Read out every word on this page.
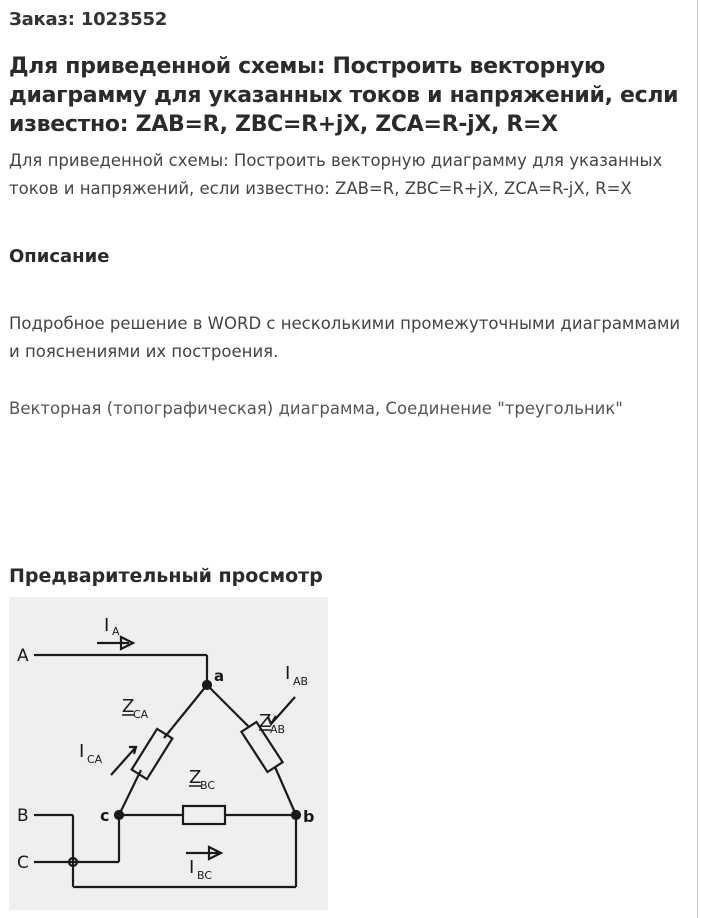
Заказ: 1023552
Для приведенной схемы: Построить векторную диаграмму для указанных токов и напряжений, если известно: ZAB=R, ZBC=R+jX, ZCA=R-jX, R=X

Для приведенной схемы: Построить векторную диаграмму для указанных токов и напряжений, если известно: ZAB=R, ZBC=R+jX, ZCA=R-jX, R=X

Описание

Подробное решение в WORD с несколькими промежуточными диаграммами и пояснениями их построения.

Векторная (топографическая) диаграмма, Соединение "треугольник"

Предварительный просмотр
A
B
C
a
b
c
I A
I AB
I CA
I BC
Z
CA	Z
AB
Z
BC
